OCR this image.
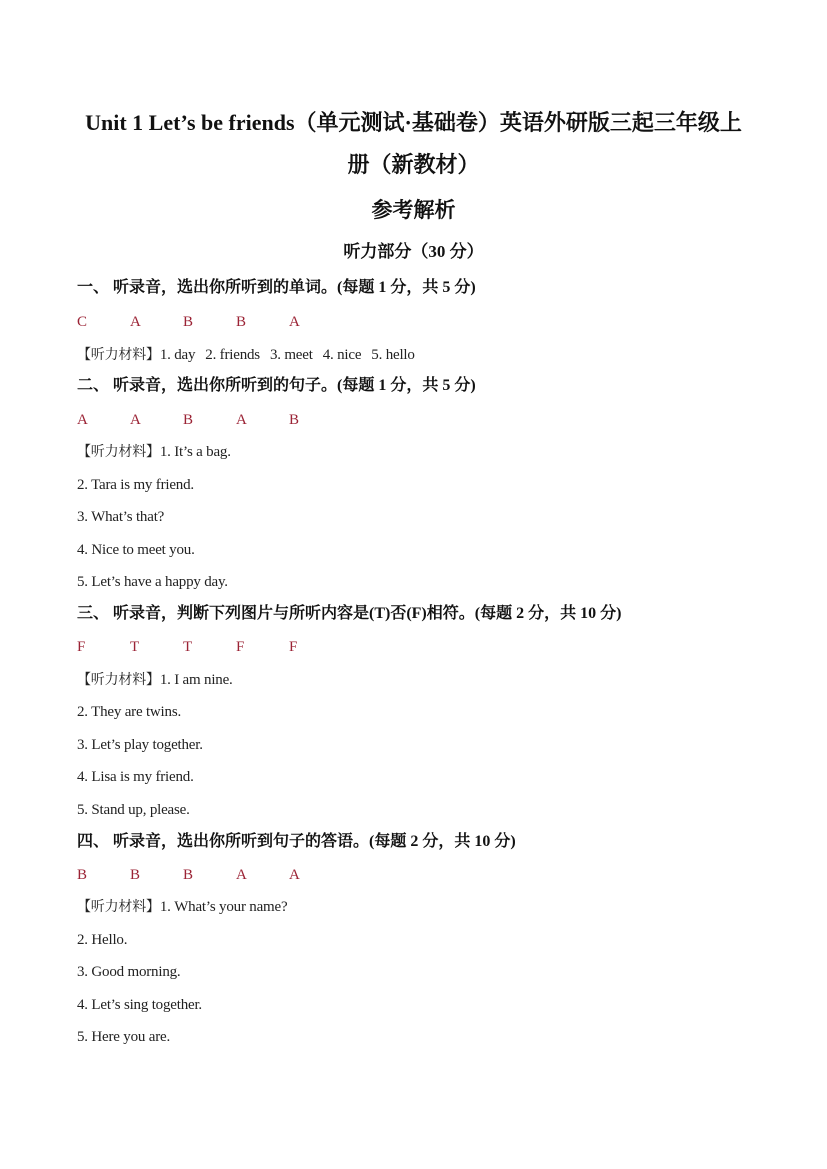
Unit 1 Let’s be friends（单元测试·基础卷）英语外研版三起三年级上
册（新教材）
参考解析
听力部分（30 分）
一、 听录音，选出你所听到的单词。(每题 1 分，共 5 分)
C	A	B	B	A
【听力材料】1. day 2. friends 3. meet 4. nice 5. hello
二、 听录音，选出你所听到的句子。(每题 1 分，共 5 分)
A	A	B	A	B
【听力材料】1. It’s a bag.
2. Tara is my friend.
3. What’s that?
4. Nice to meet you.
5. Let’s have a happy day.
三、 听录音，判断下列图片与所听内容是(T)否(F)相符。(每题 2 分，共 10 分)
F	T	T	F	F
【听力材料】1. I am nine.
2. They are twins.
3. Let’s play together.
4. Lisa is my friend.
5. Stand up, please.
四、 听录音，选出你所听到句子的答语。(每题 2 分，共 10 分)
B	B	B	A	A
【听力材料】1. What’s your name?
2. Hello.
3. Good morning.
4. Let’s sing together.
5. Here you are.
